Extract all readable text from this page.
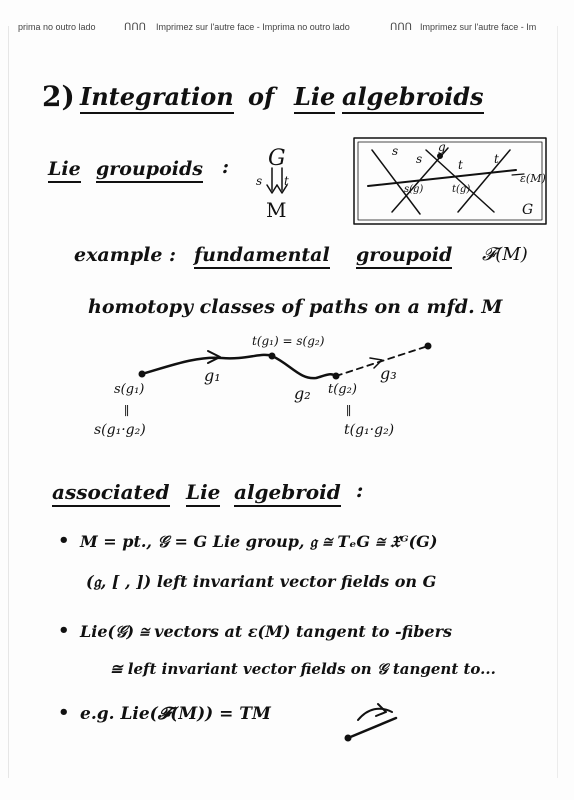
prima no outro lado	ՈՈՈ Imprimez sur l'autre face - Imprima no outro lado	ՈՈՈ Imprimez sur l'autre face - Im
2) Integration of Lie algebroids
Lie groupoids : G
s t
M
s
s
g
t	t
s(g)	t(g)
ε(M)
G
example : fundamental groupoid 𝓕(M)
homotopy classes of paths on a mfd. M
t(g₁) = s(g₂)
s(g₁)
g₁
g₂ t(g₂)
g₃
∥
s(g₁·g₂)
∥
t(g₁·g₂)
associated Lie algebroid :
• M = pt., 𝒢 = G Lie group, 𝔤 ≅ TₑG ≅ 𝔛ᴳ(G)
(𝔤, [ , ]) left invariant vector fields on G
• Lie(𝒢) ≅ vectors at ε(M) tangent to -fibers
≅ left invariant vector fields on 𝒢 tangent to...
• e.g. Lie(𝓕(M)) = TM
